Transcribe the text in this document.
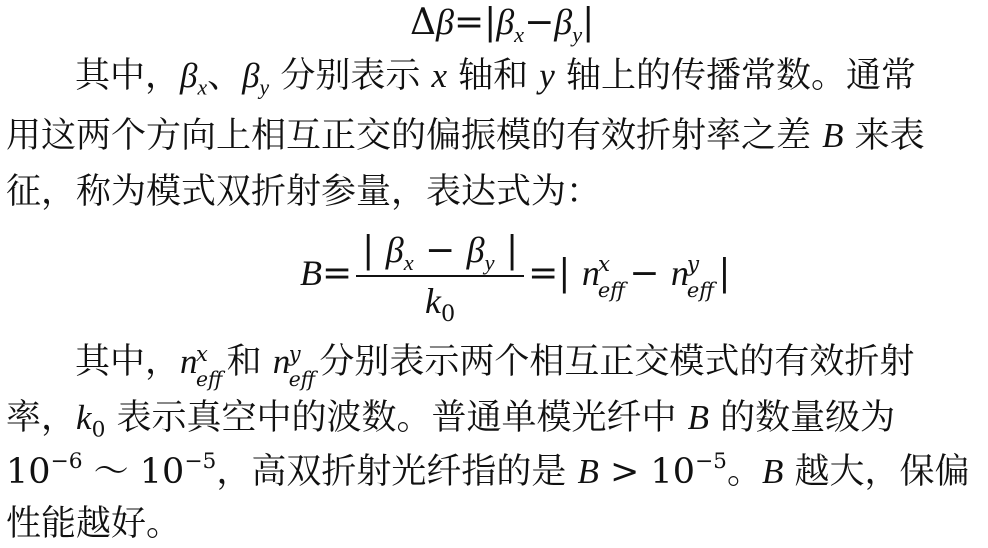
$\Delta\beta=|\beta_x-\beta_y|$
其中，$\beta_x$、$\beta_y$ 分别表示 x 轴和 y 轴上的传播常数。通常
用这两个方向上相互正交的偏振模的有效折射率之差 B 来表
征，称为模式双折射参量，表达式为：
$B= \frac{| \beta_x - \beta_y |}{k_0}$ =| n
x
eff
− n
y
eff
|
其中，n
x
eff
和 n
y
eff
分别表示两个相互正交模式的有效折射
率，$k_0$ 表示真空中的波数。普通单模光纤中 B 的数量级为
$10^{-6}$ ～ $10^{-5}$，高双折射光纤指的是 $B > 10^{-5}$。B 越大，保偏
性能越好。
